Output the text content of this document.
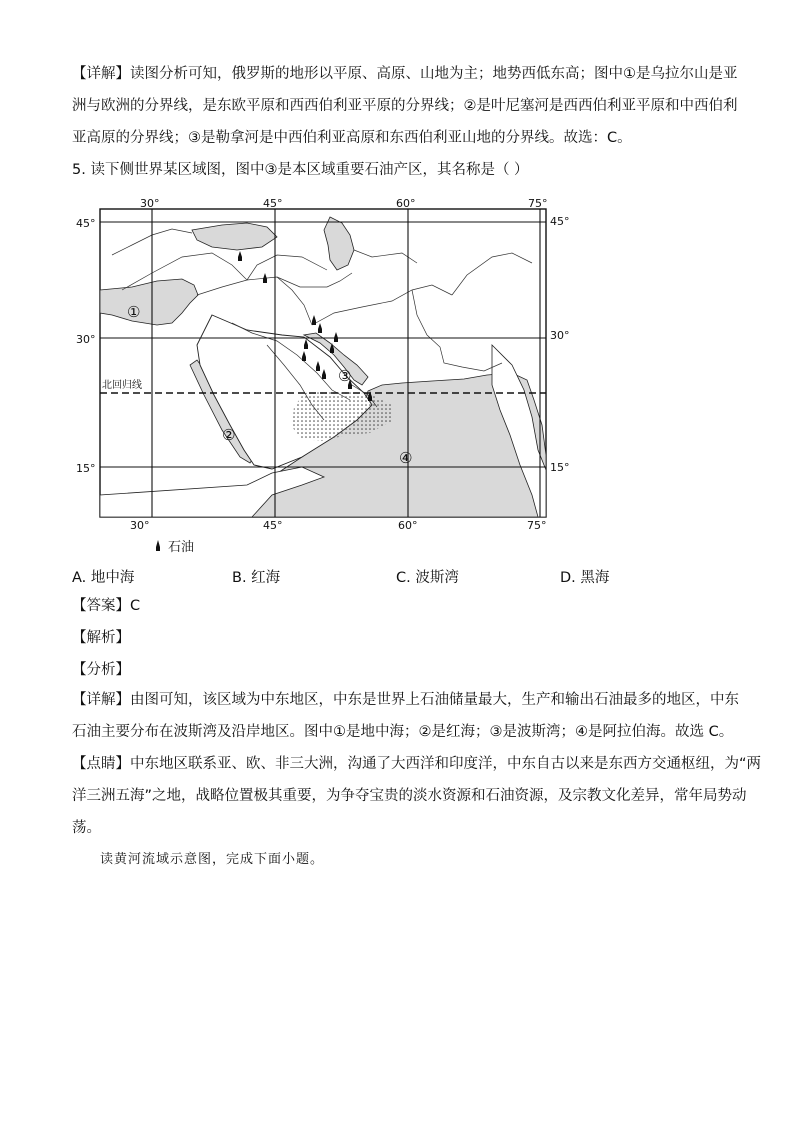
【详解】读图分析可知，俄罗斯的地形以平原、高原、山地为主；地势西低东高；图中①是乌拉尔山是亚
洲与欧洲的分界线，是东欧平原和西西伯利亚平原的分界线；②是叶尼塞河是西西伯利亚平原和中西伯利
亚高原的分界线；③是勒拿河是中西伯利亚高原和东西伯利亚山地的分界线。故选：C。
5. 读下侧世界某区域图，图中③是本区域重要石油产区，其名称是（ ）
①
②
③
④
30°	45°	60°	75°
30°	45°	60°	75°
45°
30°
15°
45°
30°
15°
北回归线
石油
A. 地中海	B. 红海	C. 波斯湾	D. 黑海
【答案】C
【解析】
【分析】
【详解】由图可知，该区域为中东地区，中东是世界上石油储量最大，生产和输出石油最多的地区，中东
石油主要分布在波斯湾及沿岸地区。图中①是地中海；②是红海；③是波斯湾；④是阿拉伯海。故选 C。
【点睛】中东地区联系亚、欧、非三大洲，沟通了大西洋和印度洋，中东自古以来是东西方交通枢纽，为“两
洋三洲五海”之地，战略位置极其重要，为争夺宝贵的淡水资源和石油资源，及宗教文化差异，常年局势动
荡。
读黄河流域示意图，完成下面小题。
